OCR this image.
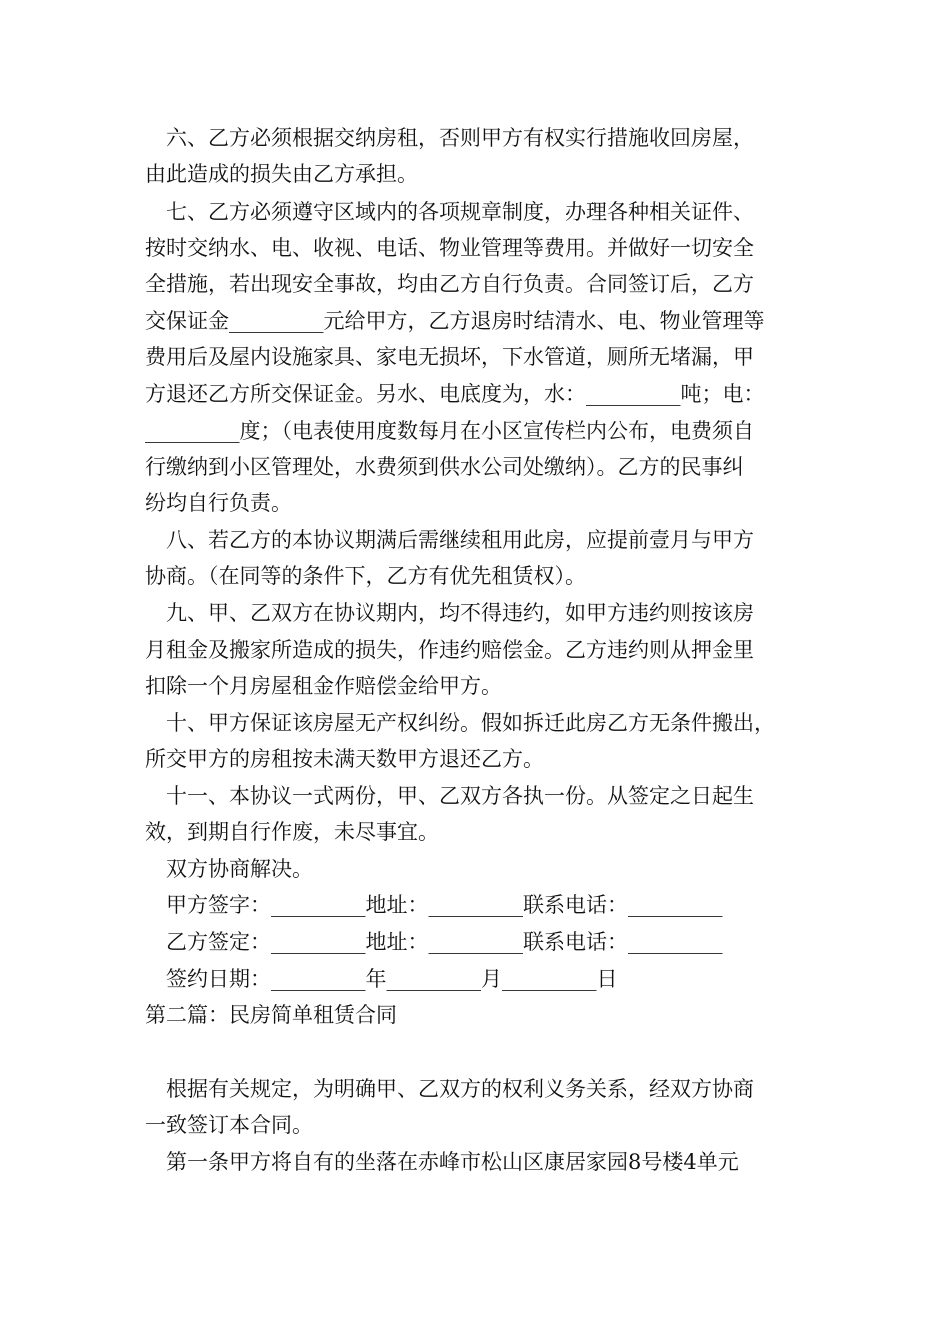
六、乙方必须根据交纳房租，否则甲方有权实行措施收回房屋，
由此造成的损失由乙方承担。
七、乙方必须遵守区域内的各项规章制度，办理各种相关证件、
按时交纳水、电、收视、电话、物业管理等费用。并做好一切安全
全措施，若出现安全事故，均由乙方自行负责。合同签订后，乙方
交保证金_________元给甲方，乙方退房时结清水、电、物业管理等
费用后及屋内设施家具、家电无损坏，下水管道，厕所无堵漏，甲
方退还乙方所交保证金。另水、电底度为，水：_________吨；电：
_________度；（电表使用度数每月在小区宣传栏内公布，电费须自
行缴纳到小区管理处，水费须到供水公司处缴纳）。乙方的民事纠
纷均自行负责。
八、若乙方的本协议期满后需继续租用此房，应提前壹月与甲方
协商。（在同等的条件下，乙方有优先租赁权）。
九、甲、乙双方在协议期内，均不得违约，如甲方违约则按该房
月租金及搬家所造成的损失，作违约赔偿金。乙方违约则从押金里
扣除一个月房屋租金作赔偿金给甲方。
十、甲方保证该房屋无产权纠纷。假如拆迁此房乙方无条件搬出，
所交甲方的房租按未满天数甲方退还乙方。
十一、本协议一式两份，甲、乙双方各执一份。从签定之日起生
效，到期自行作废，未尽事宜。
双方协商解决。
甲方签字：_________地址：_________联系电话：_________
乙方签定：_________地址：_________联系电话：_________
签约日期：_________年_________月_________日
第二篇：民房简单租赁合同
根据有关规定，为明确甲、乙双方的权利义务关系，经双方协商
一致签订本合同。
第一条甲方将自有的坐落在赤峰市松山区康居家园8号楼4单元
